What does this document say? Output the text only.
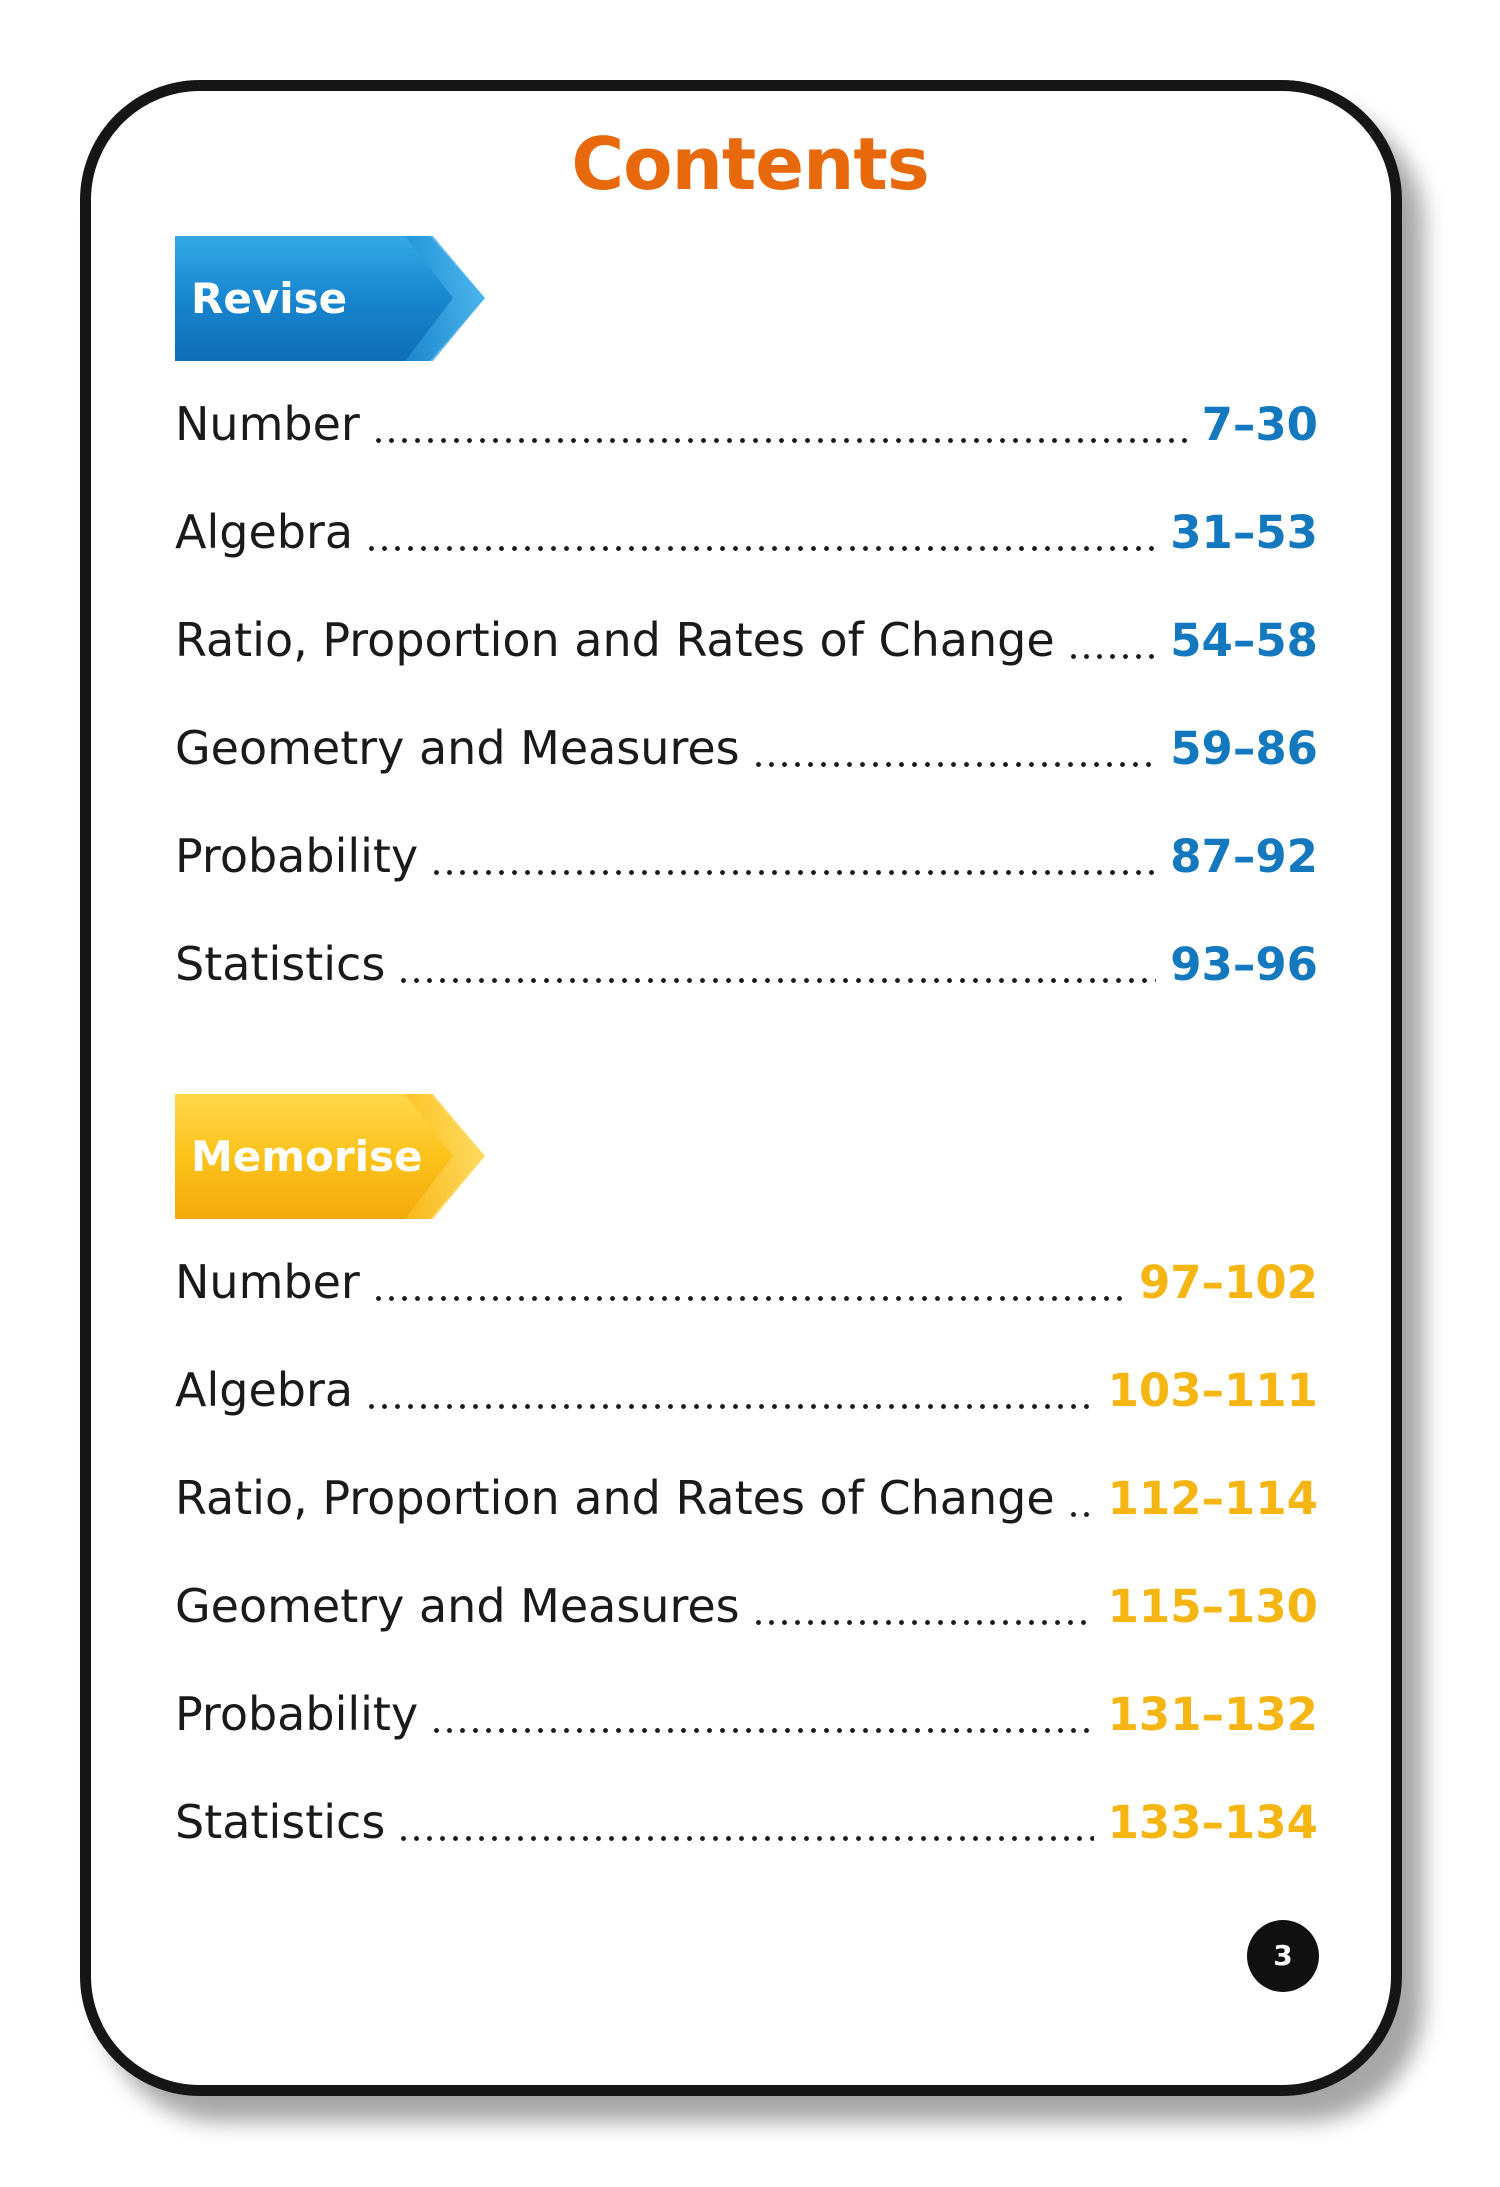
Contents
Revise
Number	7–30
Algebra	31–53
Ratio, Proportion and Rates of Change	54–58
Geometry and Measures	59–86
Probability	87–92
Statistics	93–96
Memorise
Number	97–102
Algebra	103–111
Ratio, Proportion and Rates of Change 112–114
Geometry and Measures	115–130
Probability	131–132
Statistics	133–134
3
